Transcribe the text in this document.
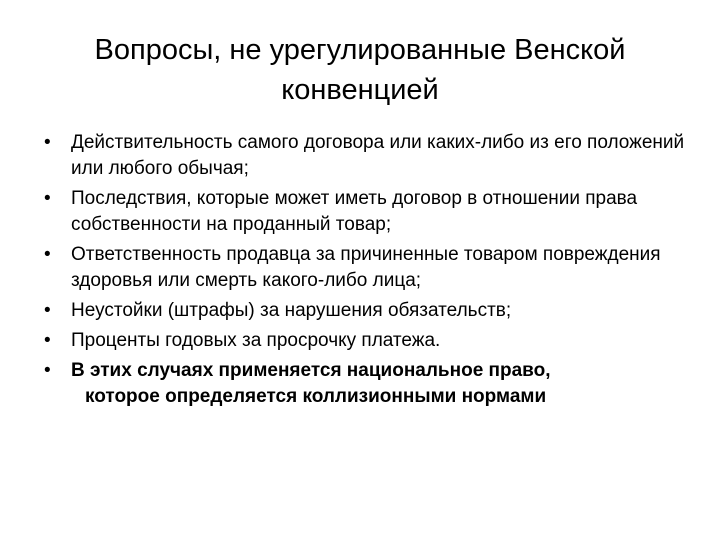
Вопросы, не урегулированные Венской
конвенцией
•	Действительность самого договора или каких-либо из его положений или любого обычая;
•	Последствия, которые может иметь договор в отношении права собственности на проданный товар;
•	Ответственность продавца за причиненные товаром повреждения здоровья или смерть какого-либо лица;
•	Неустойки (штрафы) за нарушения обязательств;
•	Проценты годовых за просрочку платежа.
•	В этих случаях применяется национальное право,
которое определяется коллизионными нормами
